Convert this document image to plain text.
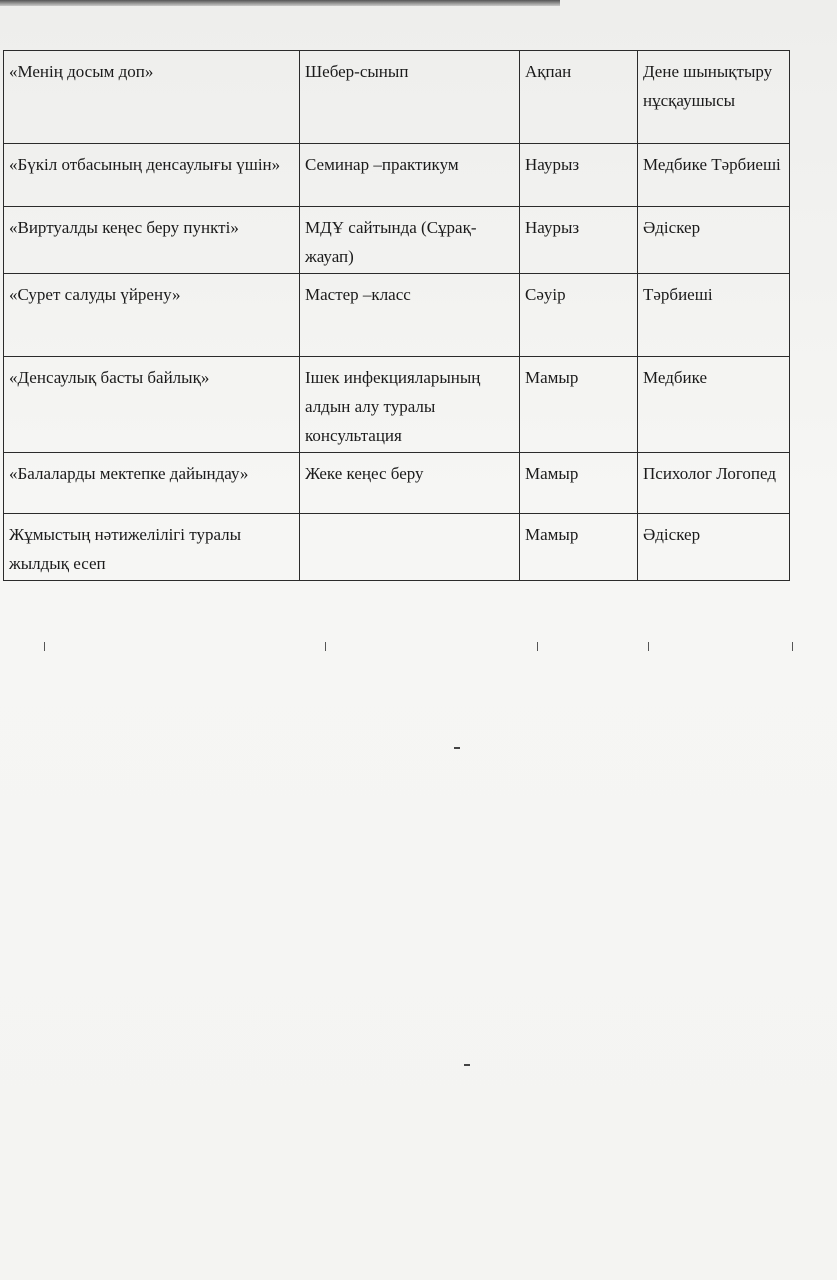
«Менің досым доп»	Шебер-сынып	Ақпан	Дене шынықтыру нұсқаушысы
«Бүкіл отбасының денсаулығы үшін»	Семинар –практикум	Наурыз	Медбике Тәрбиеші
«Виртуалды кеңес беру пункті»	МДҰ сайтында (Сұрақ-жауап)	Наурыз	Әдіскер
«Сурет салуды үйрену»	Мастер –класс	Сәуір	Тәрбиеші
«Денсаулық басты байлық»	Ішек инфекцияларының алдын алу туралы консультация	Мамыр	Медбике
«Балаларды мектепке дайындау»	Жеке кеңес беру	Мамыр	Психолог Логопед
Жұмыстың нәтижелілігі туралы жылдық есеп		Мамыр	Әдіскер
